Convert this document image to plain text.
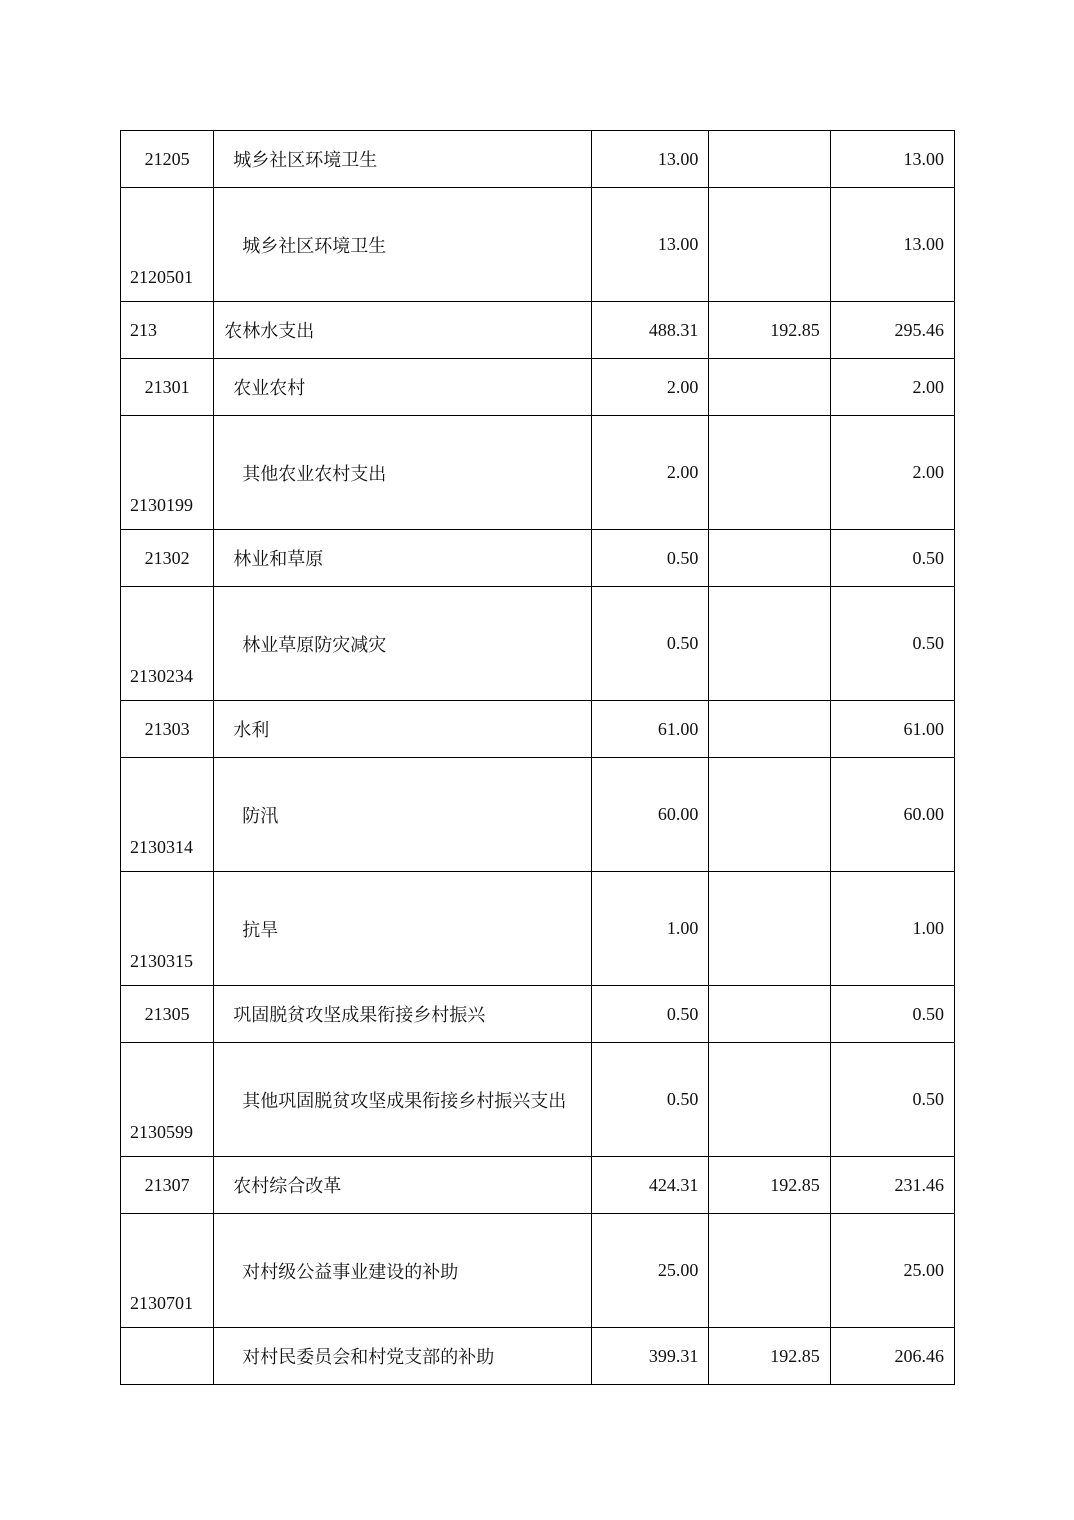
21205	城乡社区环境卫生	13.00		13.00
2120501	城乡社区环境卫生	13.00		13.00
213	农林水支出	488.31	192.85	295.46
21301	农业农村	2.00		2.00
2130199	其他农业农村支出	2.00		2.00
21302	林业和草原	0.50		0.50
2130234	林业草原防灾减灾	0.50		0.50
21303	水利	61.00		61.00
2130314	防汛	60.00		60.00
2130315	抗旱	1.00		1.00
21305	巩固脱贫攻坚成果衔接乡村振兴	0.50		0.50
2130599	其他巩固脱贫攻坚成果衔接乡村振兴支出	0.50		0.50
21307	农村综合改革	424.31	192.85	231.46
2130701	对村级公益事业建设的补助	25.00		25.00
	对村民委员会和村党支部的补助	399.31	192.85	206.46
